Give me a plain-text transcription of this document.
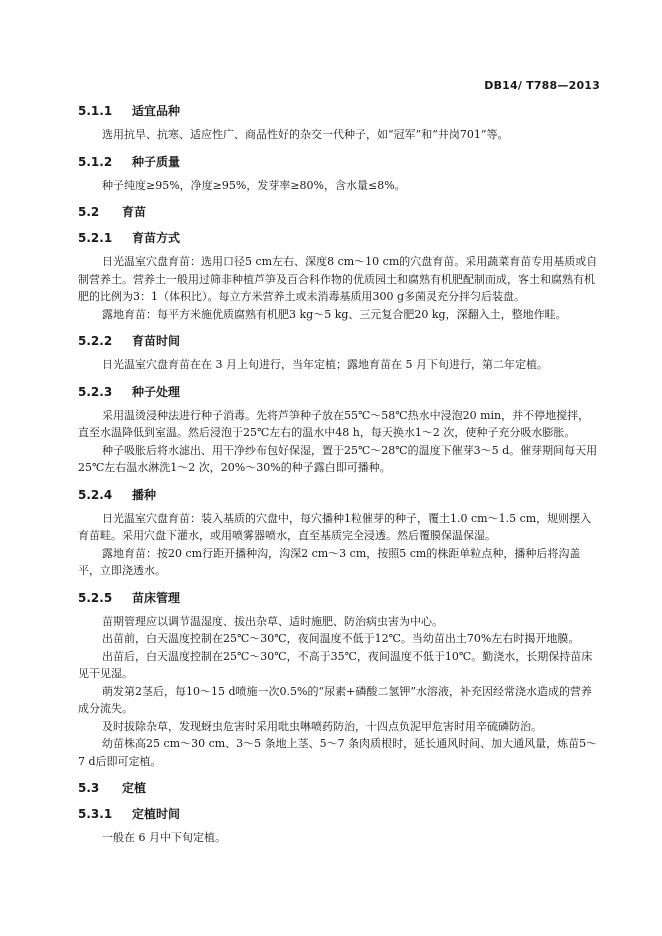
DB14/ T788—2013
5.1.1 适宜品种

选用抗旱、抗寒、适应性广、商品性好的杂交一代种子，如“冠军”和“井岗701”等。

5.1.2 种子质量

种子纯度≥95%，净度≥95%，发芽率≥80%，含水量≤8%。

5.2 育苗
5.2.1 育苗方式

日光温室穴盘育苗：选用口径5 cm左右、深度8 cm～10 cm的穴盘育苗。采用蔬菜育苗专用基质或自制营养土。营养土一般用过筛非种植芦笋及百合科作物的优质园土和腐熟有机肥配制而成，客土和腐熟有机肥的比例为3：1（体积比）。每立方米营养土或未消毒基质用300 g多菌灵充分拌匀后装盘。

露地育苗：每平方米施优质腐熟有机肥3 kg～5 kg、三元复合肥20 kg，深翻入土，整地作畦。

5.2.2 育苗时间

日光温室穴盘育苗在在 3 月上旬进行，当年定植；露地育苗在 5 月下旬进行，第二年定植。

5.2.3 种子处理

采用温烫浸种法进行种子消毒。先将芦笋种子放在55℃～58℃热水中浸泡20 min，并不停地搅拌，直至水温降低到室温。然后浸泡于25℃左右的温水中48 h，每天换水1～2 次，使种子充分吸水膨胀。

种子吸胀后将水滤出、用干净纱布包好保湿，置于25℃～28℃的温度下催芽3～5 d。催芽期间每天用25℃左右温水淋洗1～2 次，20%～30%的种子露白即可播种。

5.2.4 播种

日光温室穴盘育苗：装入基质的穴盘中，每穴播种1粒催芽的种子，覆土1.0 cm～1.5 cm，规则摆入育苗畦。采用穴盘下灌水，或用喷雾器喷水，直至基质完全浸透。然后覆膜保温保湿。

露地育苗：按20 cm行距开播种沟，沟深2 cm～3 cm，按照5 cm的株距单粒点种，播种后将沟盖平，立即浇透水。

5.2.5 苗床管理

苗期管理应以调节温湿度、拔出杂草、适时施肥、防治病虫害为中心。

出苗前，白天温度控制在25℃～30℃，夜间温度不低于12℃。当幼苗出土70%左右时揭开地膜。

出苗后，白天温度控制在25℃～30℃，不高于35℃，夜间温度不低于10℃。勤浇水，长期保持苗床见干见湿。

萌发第2茎后，每10～15 d喷施一次0.5%的“尿素+磷酸二氢钾”水溶液，补充因经常浇水造成的营养成分流失。

及时拔除杂草，发现蚜虫危害时采用吡虫啉喷药防治，十四点负泥甲危害时用辛硫磷防治。

幼苗株高25 cm～30 cm、3～5 条地上茎、5～7 条肉质根时，延长通风时间、加大通风量，炼苗5～7 d后即可定植。

5.3 定植
5.3.1 定植时间

一般在 6 月中下旬定植。
